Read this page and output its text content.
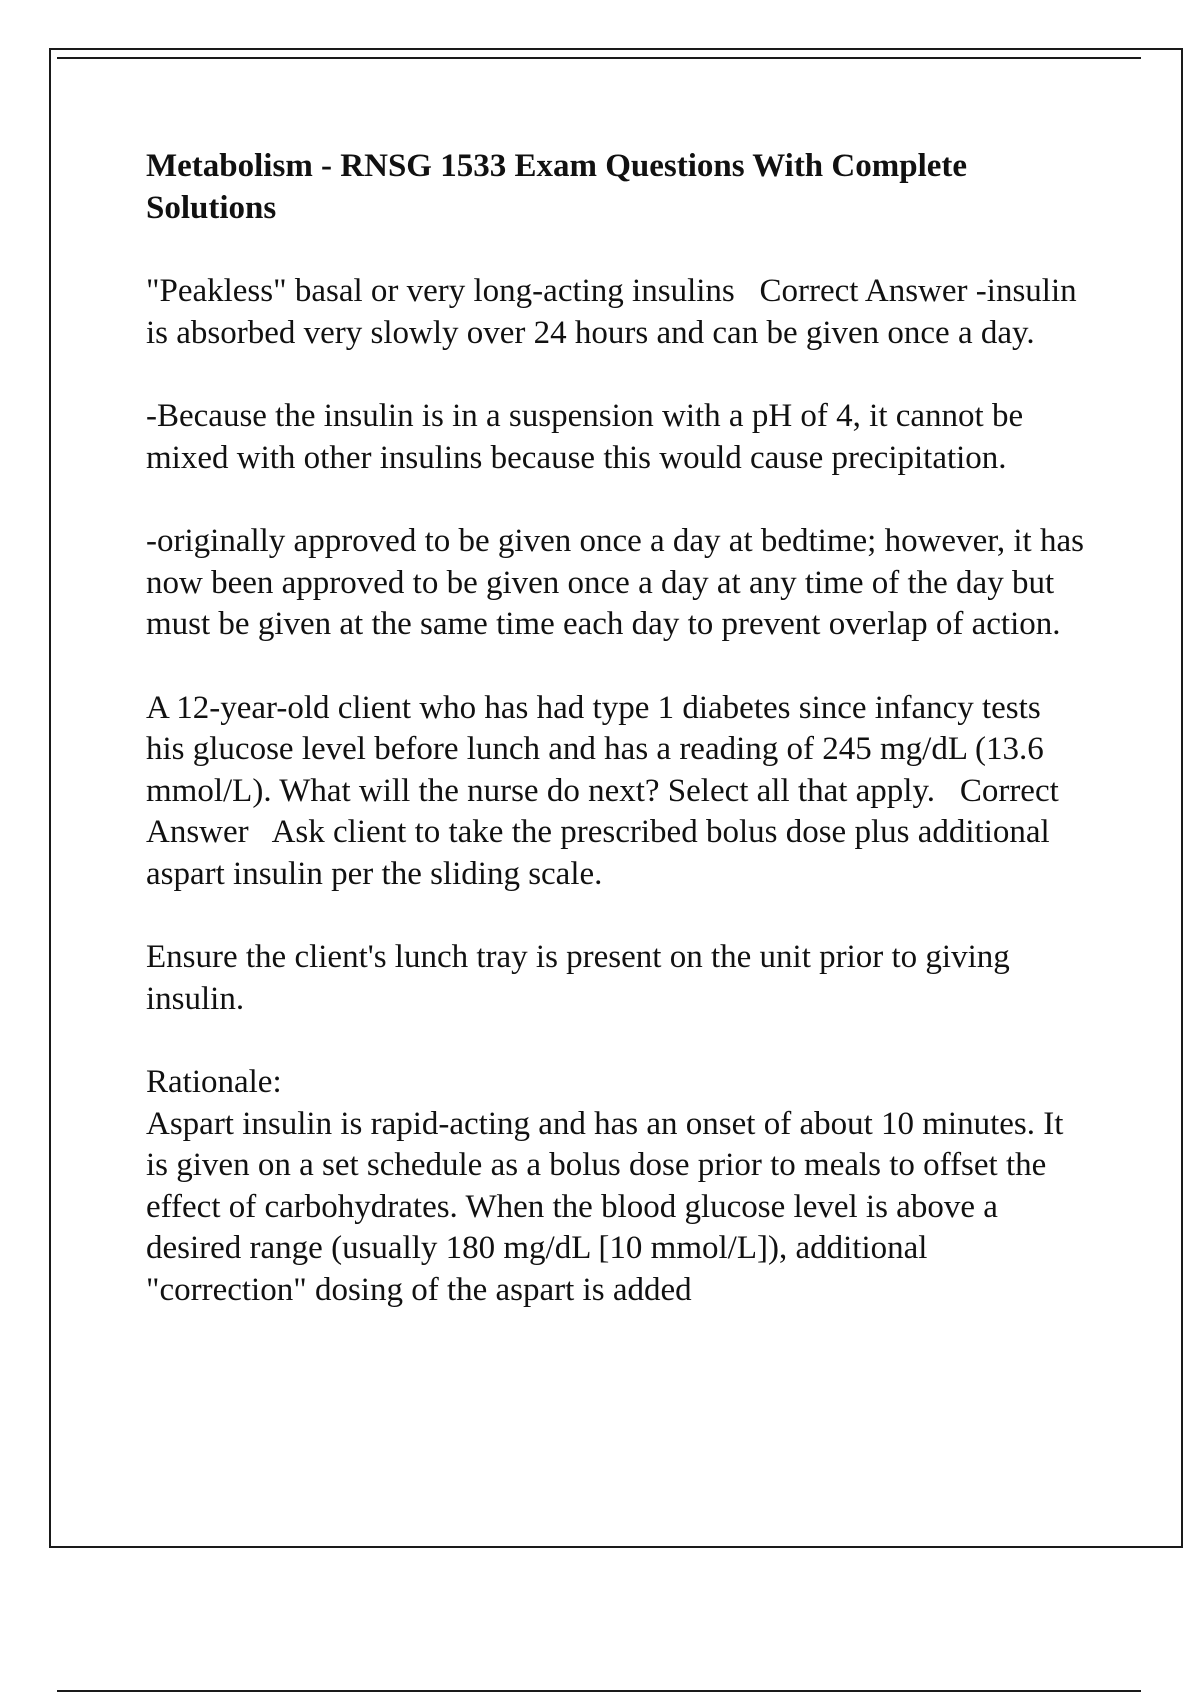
Metabolism - RNSG 1533 Exam Questions With Complete Solutions

"Peakless" basal or very long-acting insulins Correct Answer -insulin is absorbed very slowly over 24 hours and can be given once a day.

-Because the insulin is in a suspension with a pH of 4, it cannot be mixed with other insulins because this would cause precipitation.

-originally approved to be given once a day at bedtime; however, it has now been approved to be given once a day at any time of the day but must be given at the same time each day to prevent overlap of action.

A 12-year-old client who has had type 1 diabetes since infancy tests his glucose level before lunch and has a reading of 245 mg/dL (13.6 mmol/L). What will the nurse do next? Select all that apply. Correct Answer Ask client to take the prescribed bolus dose plus additional aspart insulin per the sliding scale.

Ensure the client's lunch tray is present on the unit prior to giving insulin.

Rationale:

Aspart insulin is rapid-acting and has an onset of about 10 minutes. It is given on a set schedule as a bolus dose prior to meals to offset the effect of carbohydrates. When the blood glucose level is above a desired range (usually 180 mg/dL [10 mmol/L]), additional "correction" dosing of the aspart is added
